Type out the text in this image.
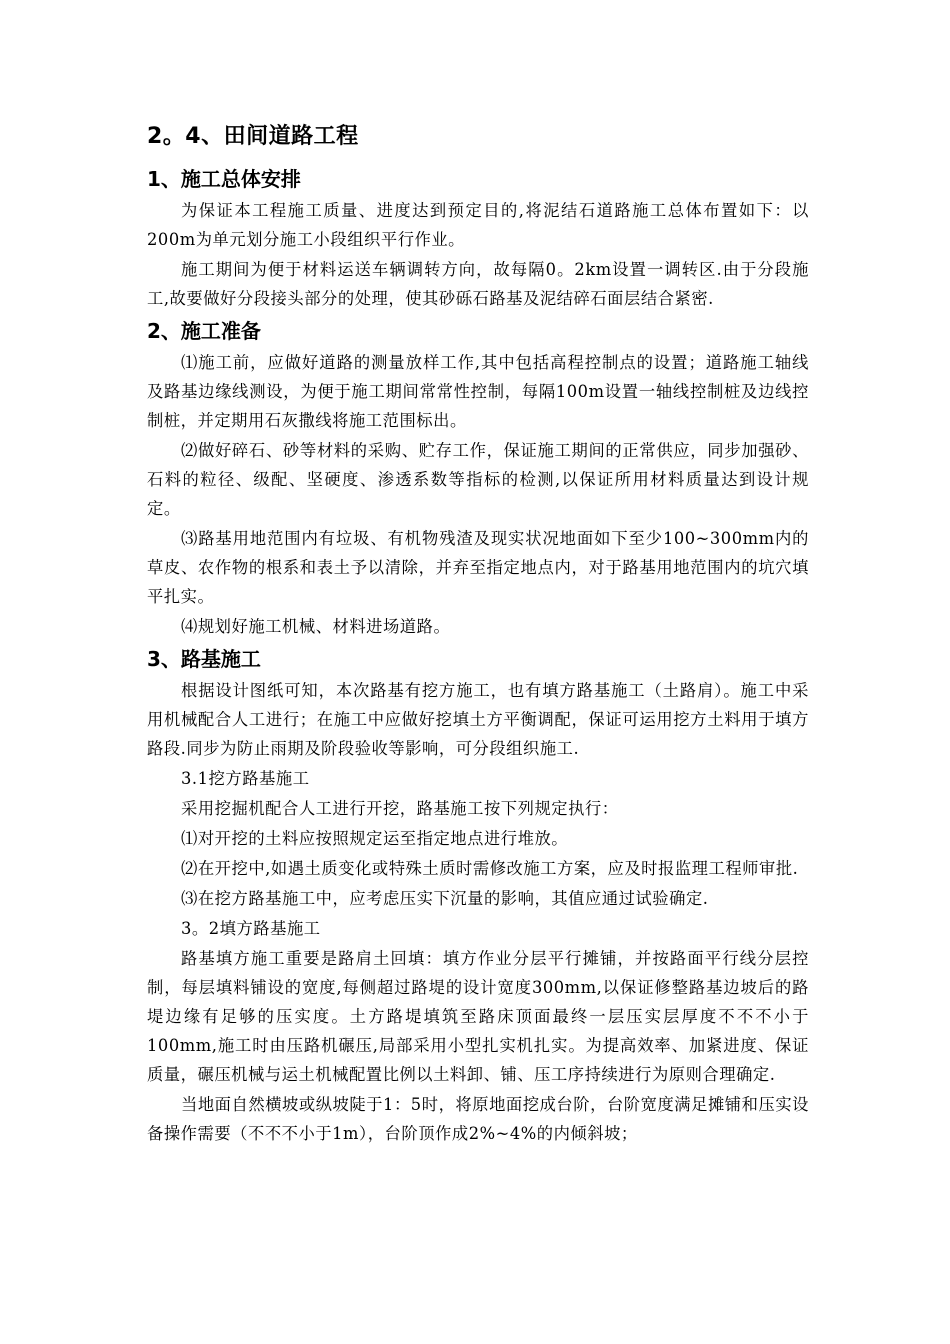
2。4、田间道路工程
1、施工总体安排
为保证本工程施工质量、进度达到预定目的,将泥结石道路施工总体布置如下：以200m为单元划分施工小段组织平行作业。
施工期间为便于材料运送车辆调转方向，故每隔0。2km设置一调转区.由于分段施工,故要做好分段接头部分的处理，使其砂砾石路基及泥结碎石面层结合紧密.
2、施工准备
⑴施工前，应做好道路的测量放样工作,其中包括高程控制点的设置；道路施工轴线及路基边缘线测设，为便于施工期间常常性控制，每隔100m设置一轴线控制桩及边线控制桩，并定期用石灰撒线将施工范围标出。
⑵做好碎石、砂等材料的采购、贮存工作，保证施工期间的正常供应，同步加强砂、石料的粒径、级配、坚硬度、渗透系数等指标的检测,以保证所用材料质量达到设计规定。
⑶路基用地范围内有垃圾、有机物残渣及现实状况地面如下至少100~300mm内的草皮、农作物的根系和表土予以清除，并弃至指定地点内，对于路基用地范围内的坑穴填平扎实。
⑷规划好施工机械、材料进场道路。
3、路基施工
根据设计图纸可知，本次路基有挖方施工，也有填方路基施工（土路肩）。施工中采用机械配合人工进行；在施工中应做好挖填土方平衡调配，保证可运用挖方土料用于填方路段.同步为防止雨期及阶段验收等影响，可分段组织施工.
3.1挖方路基施工
采用挖掘机配合人工进行开挖，路基施工按下列规定执行：
⑴对开挖的土料应按照规定运至指定地点进行堆放。
⑵在开挖中,如遇土质变化或特殊土质时需修改施工方案，应及时报监理工程师审批.
⑶在挖方路基施工中，应考虑压实下沉量的影响，其值应通过试验确定.
3。2填方路基施工
路基填方施工重要是路肩土回填：填方作业分层平行摊铺，并按路面平行线分层控制，每层填料铺设的宽度,每侧超过路堤的设计宽度300mm,以保证修整路基边坡后的路堤边缘有足够的压实度。土方路堤填筑至路床顶面最终一层压实层厚度不不不小于100mm,施工时由压路机碾压,局部采用小型扎实机扎实。为提高效率、加紧进度、保证质量，碾压机械与运土机械配置比例以土料卸、铺、压工序持续进行为原则合理确定.
当地面自然横坡或纵坡陡于1：5时，将原地面挖成台阶，台阶宽度满足摊铺和压实设备操作需要（不不不小于1m），台阶顶作成2%~4%的内倾斜坡；
